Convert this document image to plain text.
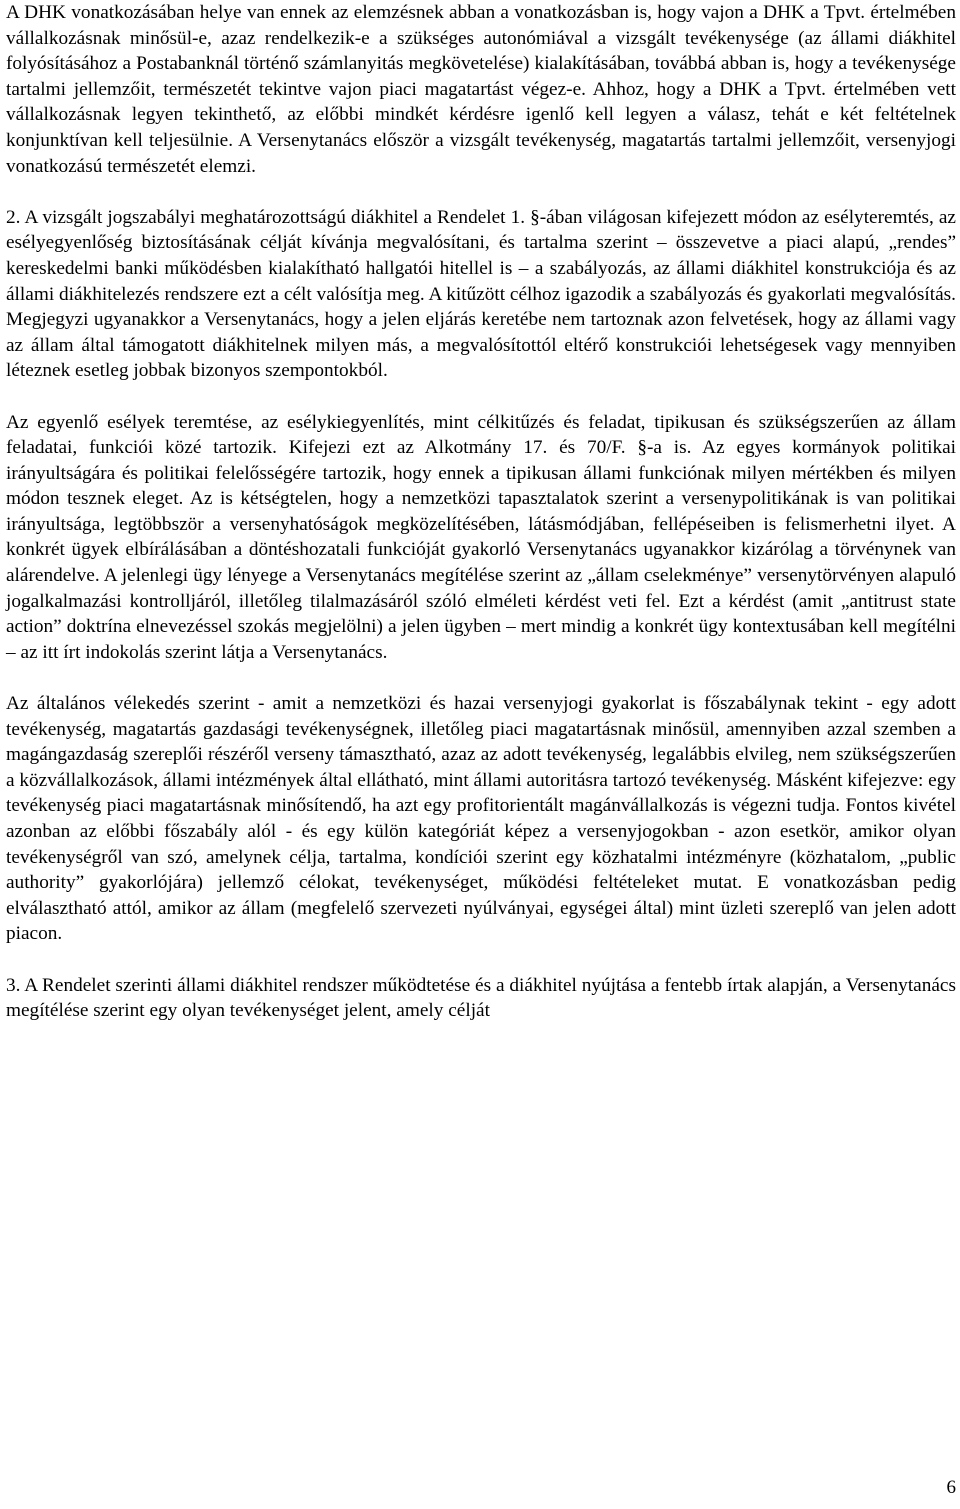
A DHK vonatkozásában helye van ennek az elemzésnek abban a vonatkozásban is, hogy vajon a DHK a Tpvt. értelmében vállalkozásnak minősül-e, azaz rendelkezik-e a szükséges autonómiával a vizsgált tevékenysége (az állami diákhitel folyósításához a Postabanknál történő számlanyitás megkövetelése) kialakításában, továbbá abban is, hogy a tevékenysége tartalmi jellemzőit, természetét tekintve vajon piaci magatartást végez-e. Ahhoz, hogy a DHK a Tpvt. értelmében vett vállalkozásnak legyen tekinthető, az előbbi mindkét kérdésre igenlő kell legyen a válasz, tehát e két feltételnek konjunktívan kell teljesülnie. A Versenytanács először a vizsgált tevékenység, magatartás tartalmi jellemzőit, versenyjogi vonatkozású természetét elemzi.

2. A vizsgált jogszabályi meghatározottságú diákhitel a Rendelet 1. §-ában világosan kifejezett módon az esélyteremtés, az esélyegyenlőség biztosításának célját kívánja megvalósítani, és tartalma szerint – összevetve a piaci alapú, „rendes” kereskedelmi banki működésben kialakítható hallgatói hitellel is – a szabályozás, az állami diákhitel konstrukciója és az állami diákhitelezés rendszere ezt a célt valósítja meg. A kitűzött célhoz igazodik a szabályozás és gyakorlati megvalósítás. Megjegyzi ugyanakkor a Versenytanács, hogy a jelen eljárás keretébe nem tartoznak azon felvetések, hogy az állami vagy az állam által támogatott diákhitelnek milyen más, a megvalósítottól eltérő konstrukciói lehetségesek vagy mennyiben léteznek esetleg jobbak bizonyos szempontokból.

Az egyenlő esélyek teremtése, az esélykiegyenlítés, mint célkitűzés és feladat, tipikusan és szükségszerűen az állam feladatai, funkciói közé tartozik. Kifejezi ezt az Alkotmány 17. és 70/F. §-a is. Az egyes kormányok politikai irányultságára és politikai felelősségére tartozik, hogy ennek a tipikusan állami funkciónak milyen mértékben és milyen módon tesznek eleget. Az is kétségtelen, hogy a nemzetközi tapasztalatok szerint a versenypolitikának is van politikai irányultsága, legtöbbször a versenyhatóságok megközelítésében, látásmódjában, fellépéseiben is felismerhetni ilyet. A konkrét ügyek elbírálásában a döntéshozatali funkcióját gyakorló Versenytanács ugyanakkor kizárólag a törvénynek van alárendelve. A jelenlegi ügy lényege a Versenytanács megítélése szerint az „állam cselekménye” versenytörvényen alapuló jogalkalmazási kontrolljáról, illetőleg tilalmazásáról szóló elméleti kérdést veti fel. Ezt a kérdést (amit „antitrust state action” doktrína elnevezéssel szokás megjelölni) a jelen ügyben – mert mindig a konkrét ügy kontextusában kell megítélni – az itt írt indokolás szerint látja a Versenytanács.

Az általános vélekedés szerint - amit a nemzetközi és hazai versenyjogi gyakorlat is főszabálynak tekint - egy adott tevékenység, magatartás gazdasági tevékenységnek, illetőleg piaci magatartásnak minősül, amennyiben azzal szemben a magángazdaság szereplői részéről verseny támasztható, azaz az adott tevékenység, legalábbis elvileg, nem szükségszerűen a közvállalkozások, állami intézmények által ellátható, mint állami autoritásra tartozó tevékenység. Másként kifejezve: egy tevékenység piaci magatartásnak minősítendő, ha azt egy profitorientált magánvállalkozás is végezni tudja. Fontos kivétel azonban az előbbi főszabály alól - és egy külön kategóriát képez a versenyjogokban - azon esetkör, amikor olyan tevékenységről van szó, amelynek célja, tartalma, kondíciói szerint egy közhatalmi intézményre (közhatalom, „public authority” gyakorlójára) jellemző célokat, tevékenységet, működési feltételeket mutat. E vonatkozásban pedig elválasztható attól, amikor az állam (megfelelő szervezeti nyúlványai, egységei által) mint üzleti szereplő van jelen adott piacon.

3. A Rendelet szerinti állami diákhitel rendszer működtetése és a diákhitel nyújtása a fentebb írtak alapján, a Versenytanács megítélése szerint egy olyan tevékenységet jelent, amely célját

6
